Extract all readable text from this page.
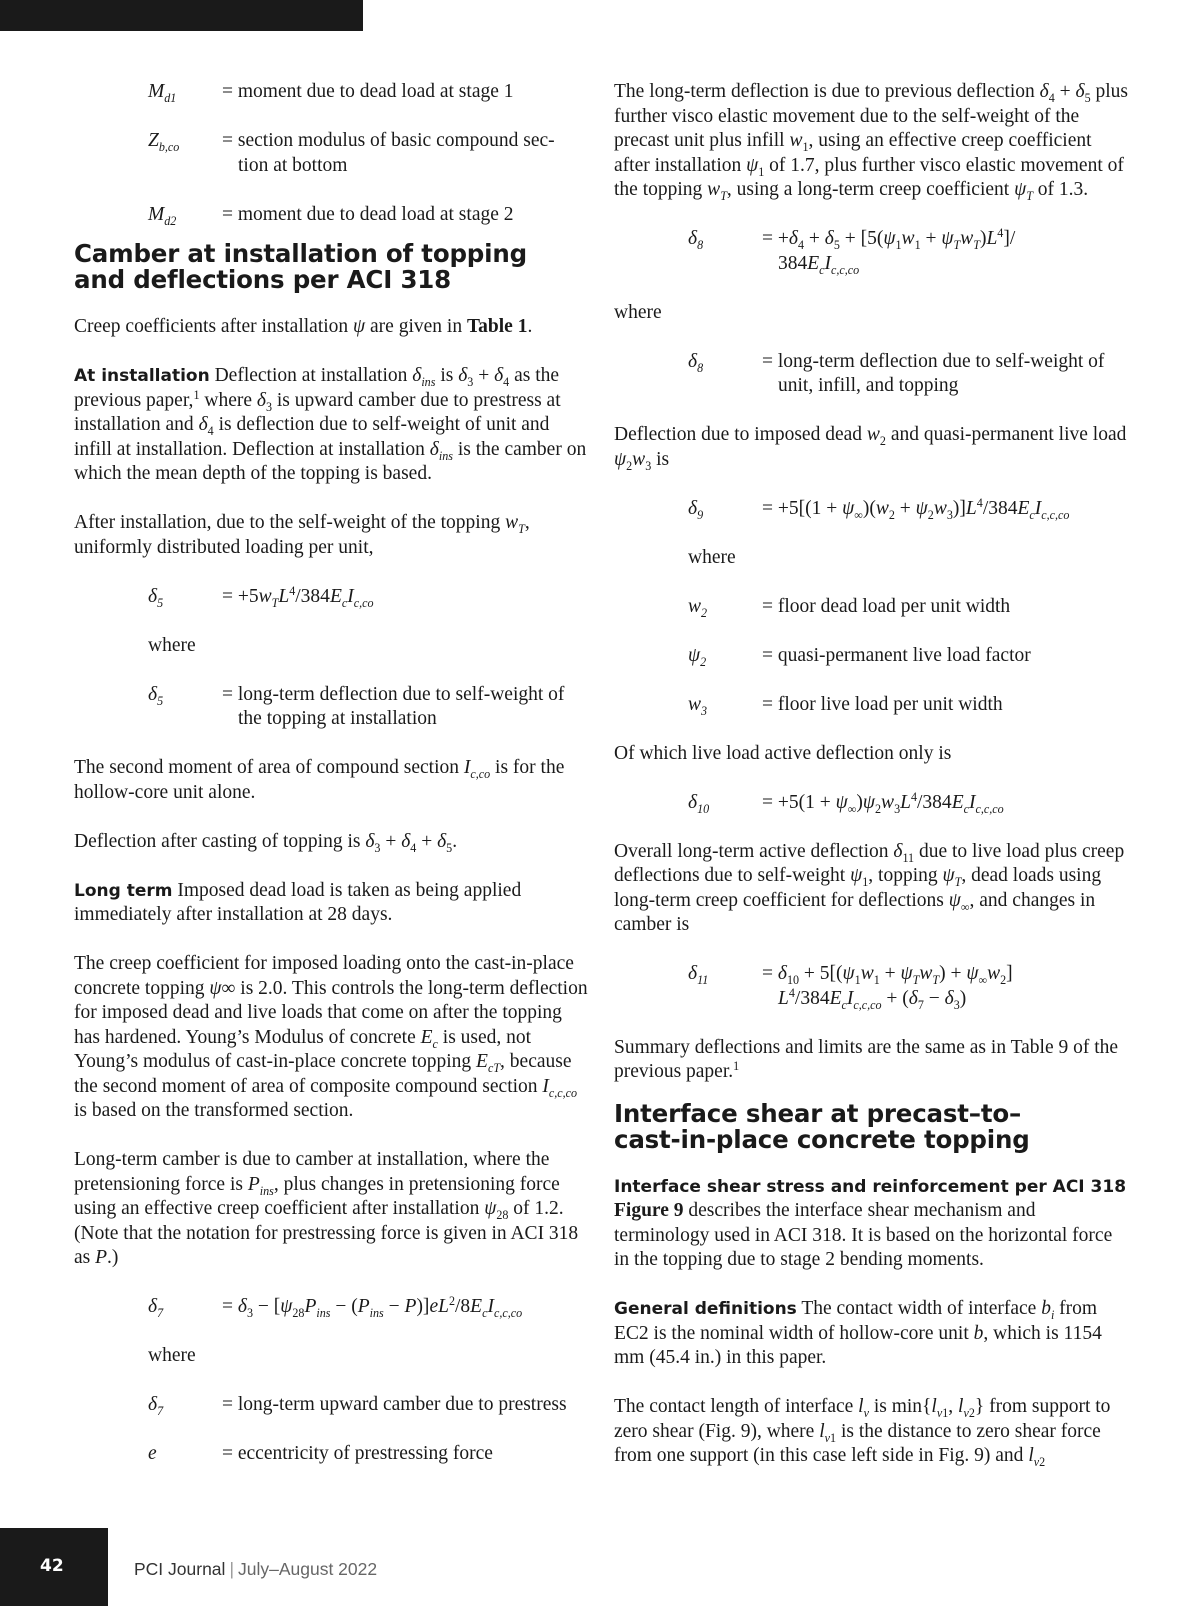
$M_{d1}$	= moment due to dead load at stage 1
$Z_{b,co}$	= section modulus of basic compound sec-
tion at bottom
$M_{d2}$	= moment due to dead load at stage 2
Camber at installation of topping
and deflections per ACI 318

Creep coefficients after installation ψ are given in Table 1.

At installation Deflection at installation $\delta_{ins}$ is $\delta_3 + \delta_4$ as the previous paper,$^1$ where $\delta_3$ is upward camber due to prestress at installation and $\delta_4$ is deflection due to self-weight of unit and infill at installation. Deflection at installation $\delta_{ins}$ is the camber on which the mean depth of the topping is based.

After installation, due to the self-weight of the topping $w_T$, uniformly distributed loading per unit,

$\delta_5$	= $+5w_TL^4/384E_cI_{c,co}$
where
$\delta_5$	= long-term deflection due to self-weight of
the topping at installation

The second moment of area of compound section $I_{c,co}$ is for the hollow-core unit alone.

Deflection after casting of topping is $\delta_3 + \delta_4 + \delta_5$.

Long term Imposed dead load is taken as being applied immediately after installation at 28 days.

The creep coefficient for imposed loading onto the cast-in-place concrete topping ψ∞ is 2.0. This controls the long-term deflection for imposed dead and live loads that come on after the topping has hardened. Young’s Modulus of concrete $E_c$ is used, not Young’s modulus of cast-in-place concrete topping $E_{cT}$, because the second moment of area of composite compound section $I_{c,c,co}$ is based on the transformed section.

Long-term camber is due to camber at installation, where the pretensioning force is $P_{ins}$, plus changes in pretensioning force using an effective creep coefficient after installation $\psi_{28}$ of 1.2. (Note that the notation for prestressing force is given in ACI 318 as P.)

$\delta_7$	= $\delta_3 - [\psi_{28}P_{ins} - (P_{ins} - P)]eL^2/8E_cI_{c,c,co}$
where
$\delta_7$	= long-term upward camber due to prestress
e	= eccentricity of prestressing force

The long-term deflection is due to previous deflection $\delta_4 + \delta_5$ plus further visco elastic movement due to the self-weight of the precast unit plus infill $w_1$, using an effective creep coefficient after installation $\psi_1$ of 1.7, plus further visco elastic movement of the topping $w_T$, using a long-term creep coefficient $\psi_T$ of 1.3.

$\delta_8$	= $+\delta_4 + \delta_5 + [5(\psi_1w_1 + \psi_Tw_T)L^4]/$
$384E_cI_{c,c,co}$
where
$\delta_8$	= long-term deflection due to self-weight of
unit, infill, and topping

Deflection due to imposed dead $w_2$ and quasi-permanent live load $\psi_2w_3$ is

$\delta_9$	= $+5[(1 + \psi_\infty)(w_2 + \psi_2w_3)]L^4/384E_cI_{c,c,co}$
where
$w_2$	= floor dead load per unit width
$\psi_2$	= quasi-permanent live load factor
$w_3$	= floor live load per unit width

Of which live load active deflection only is

$\delta_{10}$	= $+5(1 + \psi_\infty)\psi_2w_3L^4/384E_cI_{c,c,co}$

Overall long-term active deflection $\delta_{11}$ due to live load plus creep deflections due to self-weight $\psi_1$, topping $\psi_T$, dead loads using long-term creep coefficient for deflections $\psi_\infty$, and changes in camber is

$\delta_{11}$	= $\delta_{10} + 5[(\psi_1w_1 + \psi_Tw_T) + \psi_\infty w_2]$
$L^4/384E_cI_{c,c,co} + (\delta_7 - \delta_3)$

Summary deflections and limits are the same as in Table 9 of the previous paper.$^1$

Interface shear at precast–to–
cast-in-place concrete topping

Interface shear stress and reinforcement per ACI 318
Figure 9 describes the interface shear mechanism and terminology used in ACI 318. It is based on the horizontal force in the topping due to stage 2 bending moments.

General definitions The contact width of interface $b_i$ from EC2 is the nominal width of hollow-core unit b, which is 1154 mm (45.4 in.) in this paper.

The contact length of interface $l_v$ is $\min\{l_{v1}$, $l_{v2}$} from support to zero shear (Fig. 9), where $l_{v1}$ is the distance to zero shear force from one support (in this case left side in Fig. 9) and $l_{v2}$

42	PCI Journal | July–August 2022
